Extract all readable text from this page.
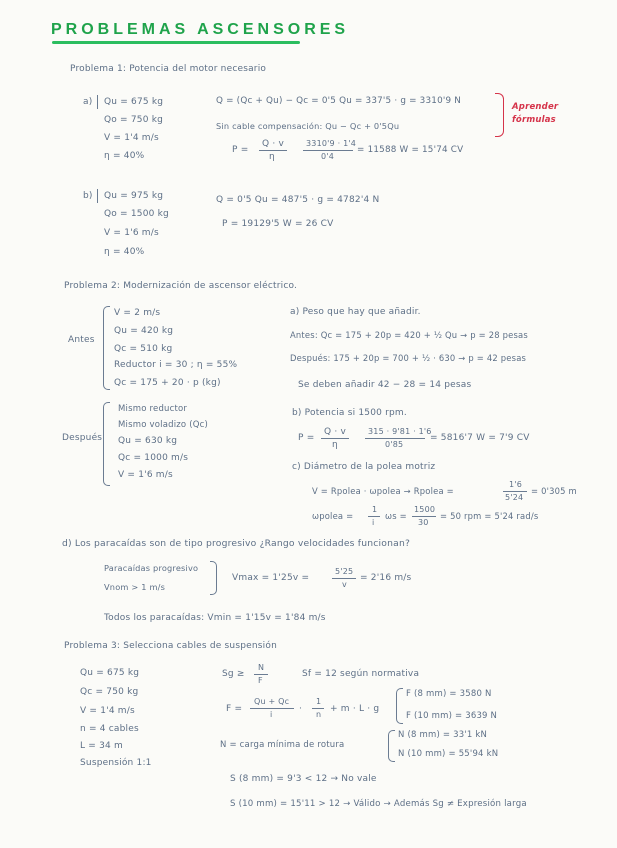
PROBLEMAS ASCENSORES
Problema 1: Potencia del motor necesario
a) Qu = 675 kg
Qo = 750 kg
V = 1'4 m/s
η = 40%
Q = (Qc + Qu) − Qc = 0'5 Qu = 337'5 · g = 3310'9 N
Sin cable compensación: Qu − Qc + 0'5Qu
P =
Q · v
η
3310'9 · 1'4
0'4
= 11588 W = 15'74 CV
Aprender
fórmulas
b) Qu = 975 kg
Qo = 1500 kg
V = 1'6 m/s
η = 40%
Q = 0'5 Qu = 487'5 · g = 4782'4 N
P = 19129'5 W = 26 CV
Problema 2: Modernización de ascensor eléctrico.
Antes
V = 2 m/s
Qu = 420 kg
Qc = 510 kg
Reductor i = 30 ; η = 55%
Qc = 175 + 20 · p (kg)
Después
Mismo reductor
Mismo voladizo (Qc)
Qu = 630 kg
Qc = 1000 m/s
V = 1'6 m/s
a) Peso que hay que añadir.
Antes: Qc = 175 + 20p = 420 + ½ Qu → p = 28 pesas
Después: 175 + 20p = 700 + ½ · 630 → p = 42 pesas
Se deben añadir 42 − 28 = 14 pesas
b) Potencia si 1500 rpm.
P =
Q · v
η
315 · 9'81 · 1'6
0'85
= 5816'7 W = 7'9 CV
c) Diámetro de la polea motriz
V = Rpolea · ωpolea → Rpolea =
1'6
5'24
= 0'305 m
ωpolea =
1
i
ωs =
1500
30
= 50 rpm = 5'24 rad/s
d) Los paracaídas son de tipo progresivo ¿Rango velocidades funcionan?
Paracaídas progresivo
Vnom > 1 m/s
Vmax = 1'25v =
5'25
v
= 2'16 m/s
Todos los paracaídas: Vmin = 1'15v = 1'84 m/s
Problema 3: Selecciona cables de suspensión
Qu = 675 kg
Qc = 750 kg
V = 1'4 m/s
n = 4 cables
L = 34 m
Suspensión 1:1
Sg ≥
N
F
Sf = 12 según normativa
F =
Qu + Qc
i
·
1
n
+ m · L · g
F (8 mm) = 3580 N
F (10 mm) = 3639 N
N = carga mínima de rotura
N (8 mm) = 33'1 kN
N (10 mm) = 55'94 kN
S (8 mm) = 9'3 < 12 → No vale
S (10 mm) = 15'11 > 12 → Válido → Además Sg ≠ Expresión larga
